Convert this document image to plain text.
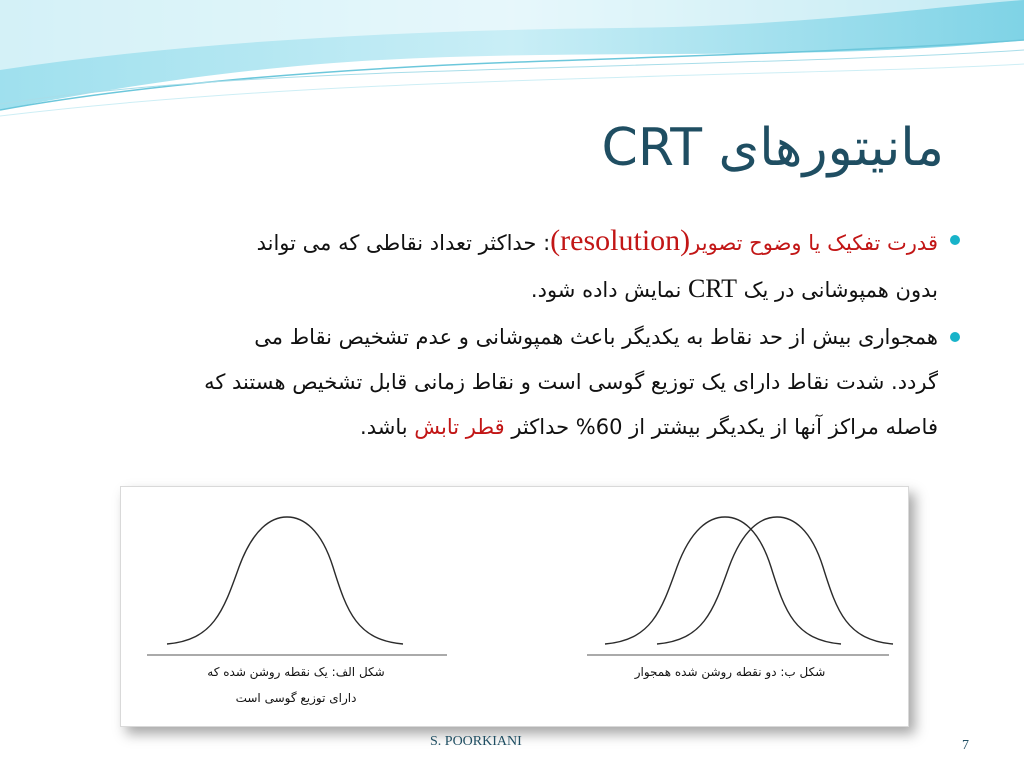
مانیتورهای CRT
قدرت تفکیک یا وضوح تصویر(resolution): حداکثر تعداد نقاطی که می تواند
بدون همپوشانی در یک CRT نمایش داده شود.
همجواری بیش از حد نقاط به یکدیگر باعث همپوشانی و عدم تشخیص نقاط می
گردد. شدت نقاط دارای یک توزیع گوسی است و نقاط زمانی قابل تشخیص هستند که
فاصله مراکز آنها از یکدیگر بیشتر از 60% حداکثر قطر تابش باشد.
شکل الف: یک نقطه روشن شده که
دارای توزیع گوسی است
شکل ب: دو نقطه روشن شده همجوار
S. POORKIANI	7
